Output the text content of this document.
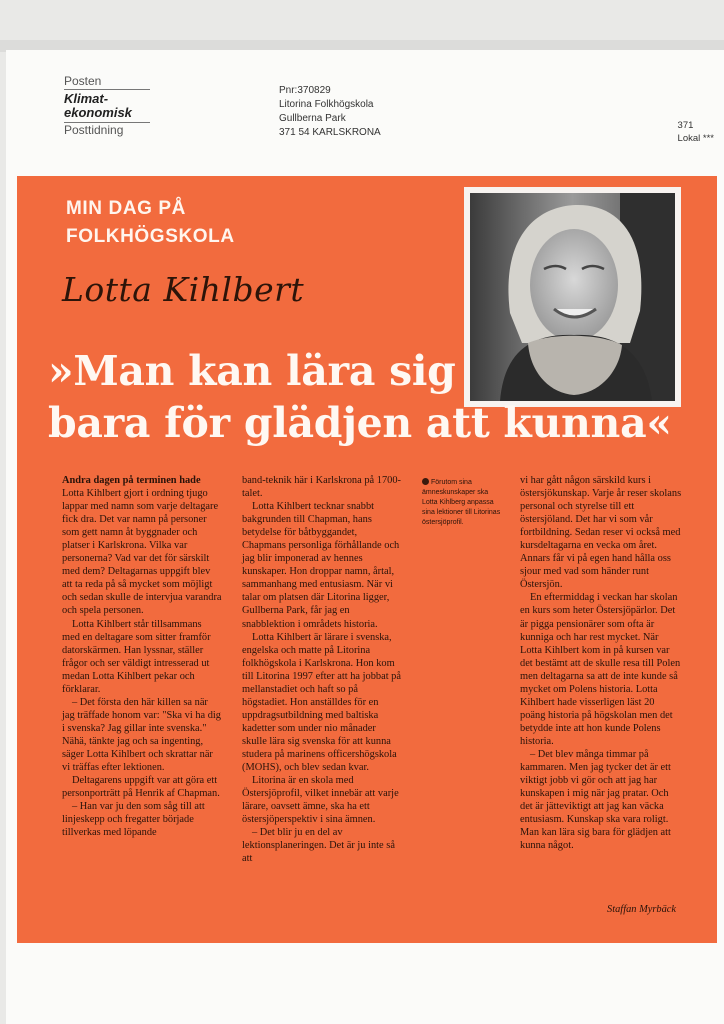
Posten
Klimat-
ekonomisk
Posttidning
Pnr:370829
Litorina Folkhögskola
Gullberna Park
371 54 KARLSKRONA
371
Lokal ***
MIN DAG PÅ
FOLKHÖGSKOLA
Lotta Kihlbert
»Man kan lära sig
bara för glädjen att kunna«

Andra dagen på terminen hade Lotta Kihlbert gjort i ordning tjugo lappar med namn som varje deltagare fick dra. Det var namn på personer som gett namn åt byggnader och platser i Karlskrona. Vilka var personerna? Vad var det för särskilt med dem? Deltagarnas uppgift blev att ta reda på så mycket som möjligt och sedan skulle de intervjua varandra och spela personen.

Lotta Kihlbert står tillsammans med en deltagare som sitter framför datorskärmen. Han lyssnar, ställer frågor och ser väldigt intresserad ut medan Lotta Kihlbert pekar och förklarar.

– Det första den här killen sa när jag träffade honom var: "Ska vi ha dig i svenska? Jag gillar inte svenska." Nähä, tänkte jag och sa ingenting, säger Lotta Kihlbert och skrattar när vi träffas efter lektionen.

Deltagarens uppgift var att göra ett personporträtt på Henrik af Chapman.

– Han var ju den som såg till att linjeskepp och fregatter började tillverkas med löpande

band-teknik här i Karlskrona på 1700-talet.

Lotta Kihlbert tecknar snabbt bakgrunden till Chapman, hans betydelse för båtbyggandet, Chapmans personliga förhållande och jag blir imponerad av hennes kunskaper. Hon droppar namn, årtal, sammanhang med entusiasm. När vi talar om platsen där Litorina ligger, Gullberna Park, får jag en snabblektion i områdets historia.

Lotta Kihlbert är lärare i svenska, engelska och matte på Litorina folkhögskola i Karlskrona. Hon kom till Litorina 1997 efter att ha jobbat på mellanstadiet och haft so på högstadiet. Hon anställdes för en uppdragsutbildning med baltiska kadetter som under nio månader skulle lära sig svenska för att kunna studera på marinens officershögskola (MOHS), och blev sedan kvar.

Litorina är en skola med Östersjöprofil, vilket innebär att varje lärare, oavsett ämne, ska ha ett östersjöperspektiv i sina ämnen.

– Det blir ju en del av lektionsplaneringen. Det är ju inte så att

Förutom sina ämneskunskaper ska Lotta Kihlberg anpassa sina lektioner till Litorinas östersjöprofil.

vi har gått någon särskild kurs i östersjökunskap. Varje år reser skolans personal och styrelse till ett östersjöland. Det har vi som vår fortbildning. Sedan reser vi också med kursdeltagarna en vecka om året. Annars får vi på egen hand hålla oss sjour med vad som händer runt Östersjön.

En eftermiddag i veckan har skolan en kurs som heter Östersjöpärlor. Det är pigga pensionärer som ofta är kunniga och har rest mycket. När Lotta Kihlbert kom in på kursen var det bestämt att de skulle resa till Polen men deltagarna sa att de inte kunde så mycket om Polens historia. Lotta Kihlbert hade visserligen läst 20 poäng historia på högskolan men det betydde inte att hon kunde Polens historia.

– Det blev många timmar på kammaren. Men jag tycker det är ett viktigt jobb vi gör och att jag har kunskapen i mig när jag pratar. Och det är jätteviktigt att jag kan väcka entusiasm. Kunskap ska vara roligt. Man kan lära sig bara för glädjen att kunna något.

Staffan Myrbäck
